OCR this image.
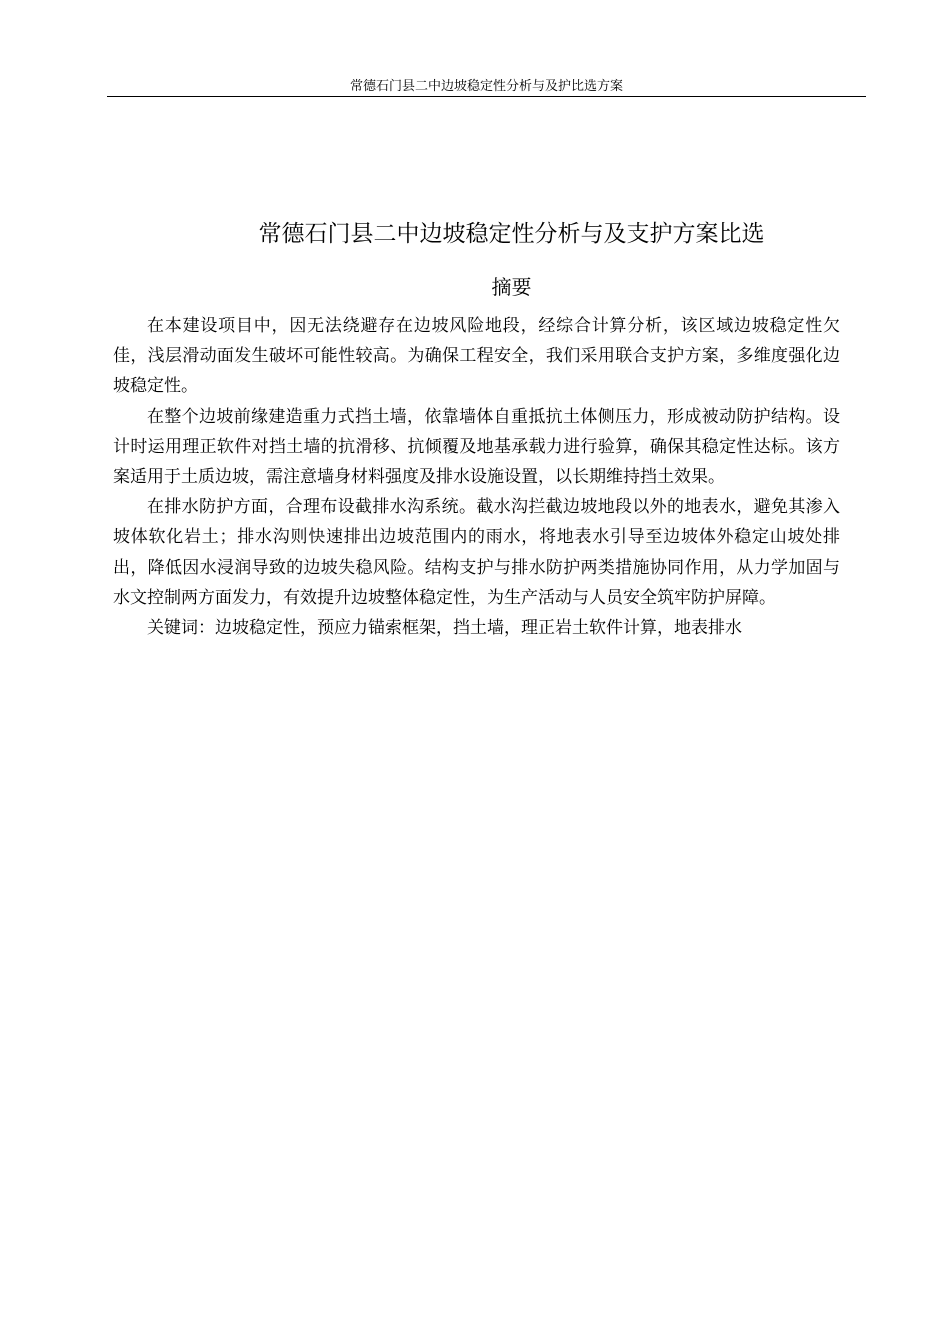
常德石门县二中边坡稳定性分析与及护比选方案
常德石门县二中边坡稳定性分析与及支护方案比选
摘要

在本建设项目中，因无法绕避存在边坡风险地段，经综合计算分析，该区域边坡稳定性欠佳，浅层滑动面发生破坏可能性较高。为确保工程安全，我们采用联合支护方案，多维度强化边坡稳定性。

在整个边坡前缘建造重力式挡土墙，依靠墙体自重抵抗土体侧压力，形成被动防护结构。设计时运用理正软件对挡土墙的抗滑移、抗倾覆及地基承载力进行验算，确保其稳定性达标。该方案适用于土质边坡，需注意墙身材料强度及排水设施设置，以长期维持挡土效果。

在排水防护方面，合理布设截排水沟系统。截水沟拦截边坡地段以外的地表水，避免其渗入坡体软化岩土；排水沟则快速排出边坡范围内的雨水，将地表水引导至边坡体外稳定山坡处排出，降低因水浸润导致的边坡失稳风险。结构支护与排水防护两类措施协同作用，从力学加固与水文控制两方面发力，有效提升边坡整体稳定性，为生产活动与人员安全筑牢防护屏障。

关键词：边坡稳定性，预应力锚索框架，挡土墙，理正岩土软件计算，地表排水
